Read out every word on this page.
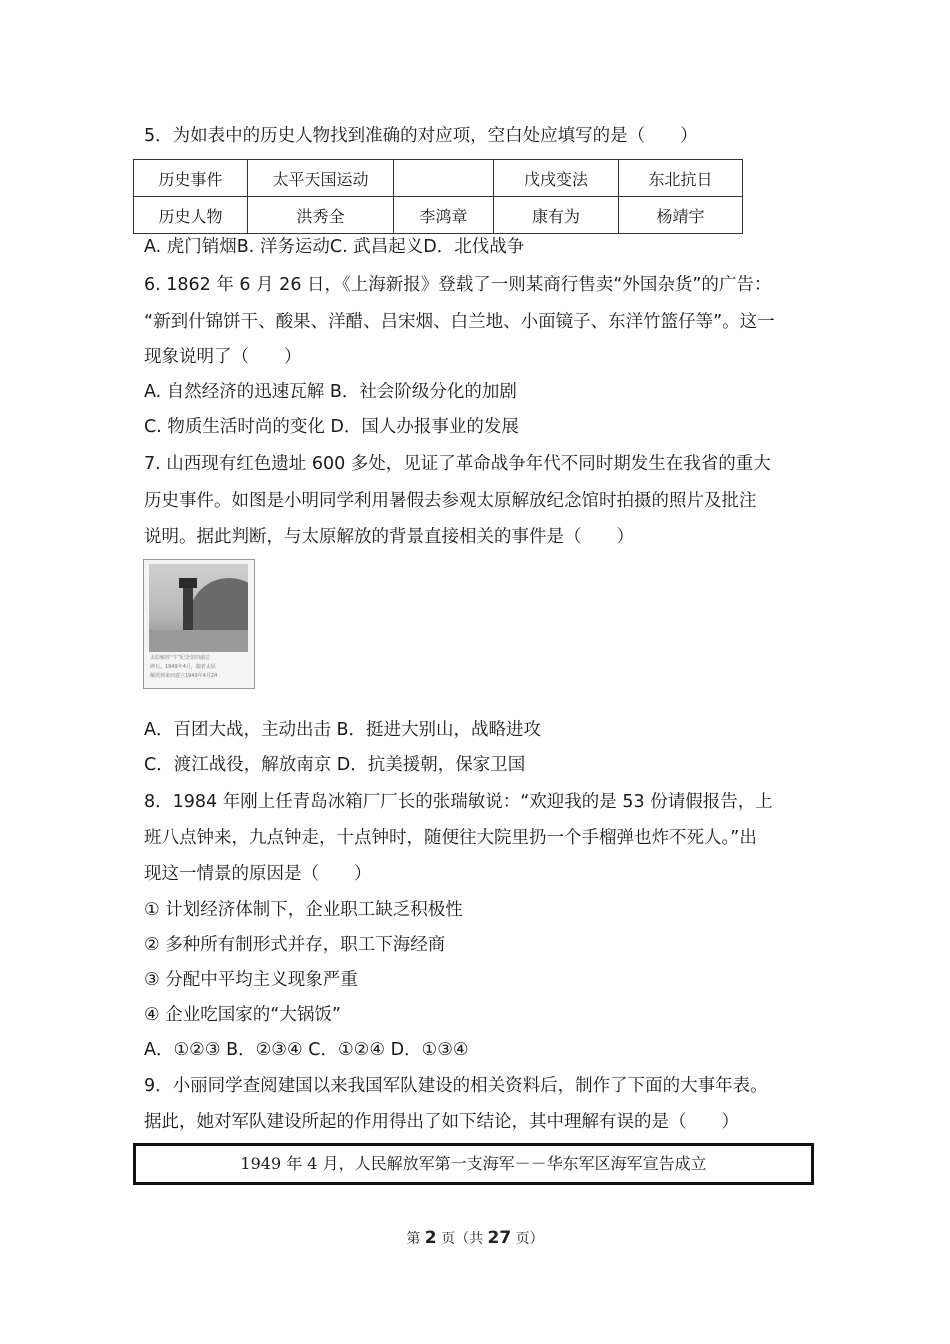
5．为如表中的历史人物找到准确的对应项，空白处应填写的是（　　）
历史事件	太平天国运动		戊戌变法	东北抗日
历史人物	洪秀全	李鸿章	康有为	杨靖宇
A. 虎门销烟B. 洋务运动C. 武昌起义D．北伐战争
6. 1862 年 6 月 26 日，《上海新报》登载了一则某商行售卖“外国杂货”的广告：
“新到什锦饼干、酸果、洋醋、吕宋烟、白兰地、小面镜子、东洋竹篮仔等”。这一
现象说明了（　　）
A. 自然经济的迅速瓦解 B．社会阶级分化的加剧
C. 物质生活时尚的变化 D．国人办报事业的发展
7. 山西现有红色遗址 600 多处，见证了革命战争年代不同时期发生在我省的重大
历史事件。如图是小明同学利用暑假去参观太原解放纪念馆时拍摄的照片及批注
说明。据此判断，与太原解放的背景直接相关的事件是（　　）
太原解放“牛”纪念馆的副总
碑石。1949年4月，随着太原
解放到来而建立1949年4月24
A．百团大战，主动出击 B．挺进大别山，战略进攻
C．渡江战役，解放南京 D．抗美援朝，保家卫国
8．1984 年刚上任青岛冰箱厂厂长的张瑞敏说：“欢迎我的是 53 份请假报告，上
班八点钟来，九点钟走，十点钟时，随便往大院里扔一个手榴弹也炸不死人。”出
现这一情景的原因是（　　）
① 计划经济体制下，企业职工缺乏积极性
② 多种所有制形式并存，职工下海经商
③ 分配中平均主义现象严重
④ 企业吃国家的“大锅饭”
A．①②③ B．②③④ C．①②④ D．①③④
9．小丽同学查阅建国以来我国军队建设的相关资料后，制作了下面的大事年表。
据此，她对军队建设所起的作用得出了如下结论，其中理解有误的是（　　）
1949 年 4 月，人民解放军第一支海军－－华东军区海军宣告成立
第 2 页（共 27 页）
